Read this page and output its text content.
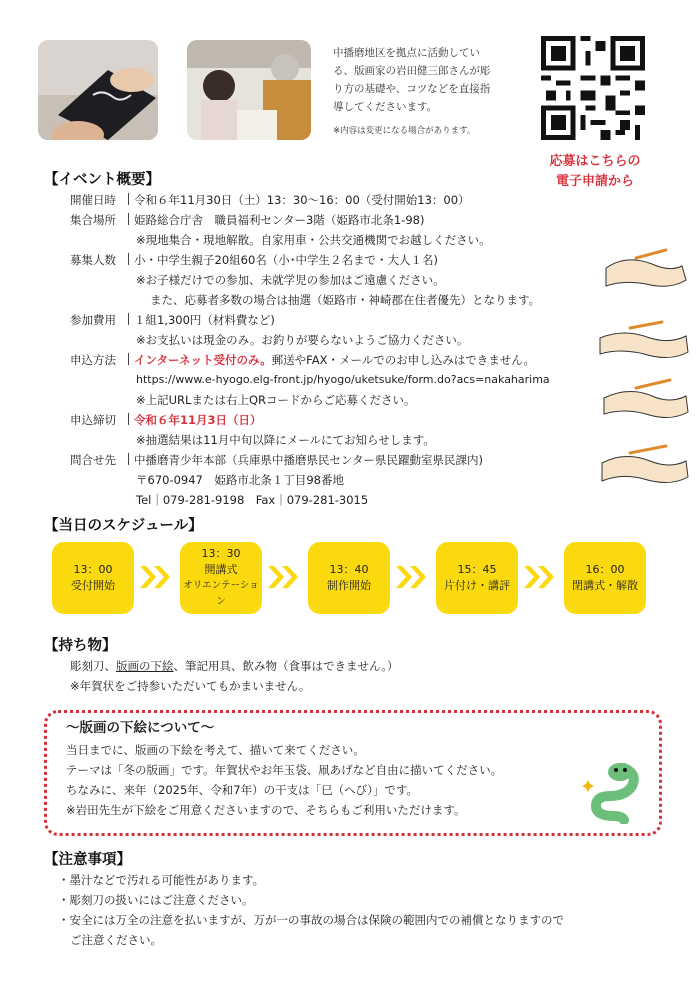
中播磨地区を拠点に活動してい
る、版画家の岩田健三郎さんが彫
り方の基礎や、コツなどを直接指
導してくださいます。
※内容は変更になる場合があります。
応募はこちらの
電子申請から
【イベント概要】
開催日時 令和６年11月30日（土）13：30～16：00（受付開始13：00）
集合場所 姫路総合庁舎　職員福利センター3階（姫路市北条1-98)
※現地集合・現地解散。自家用車・公共交通機関でお越しください。
募集人数 小・中学生親子20組60名（小･中学生２名まで・大人１名)
※お子様だけでの参加、未就学児の参加はご遠慮ください。
また、応募者多数の場合は抽選（姫路市・神崎郡在住者優先）となります。
参加費用 １組1,300円（材料費など)
※お支払いは現金のみ。お釣りが要らないようご協力ください。
申込方法 インターネット受付のみ。郵送やFAX・メールでのお申し込みはできません。
https://www.e-hyogo.elg-front.jp/hyogo/uketsuke/form.do?acs=nakaharima
※上記URLまたは右上QRコードからご応募ください。
申込締切 令和６年11月3日（日）
※抽選結果は11月中旬以降にメールにてお知らせします。
問合せ先 中播磨青少年本部（兵庫県中播磨県民センター県民躍動室県民課内)
〒670-0947　姫路市北条１丁目98番地
Tel｜079-281-9198　Fax｜079-281-3015
【当日のスケジュール】
13：00
受付開始
13：30
開講式
オリエンテーション
13：40
制作開始
15：45
片付け・講評
16：00
閉講式・解散
【持ち物】
彫刻刀、版画の下絵、筆記用具、飲み物（食事はできません。）
※年賀状をご持参いただいてもかまいません。
〜版画の下絵について〜
当日までに、版画の下絵を考えて、描いて来てください。
テーマは「冬の版画」です。年賀状やお年玉袋、凧あげなど自由に描いてください。
ちなみに、来年（2025年、令和7年）の干支は「巳（へび）」です。
※岩田先生が下絵をご用意くださいますので、そちらもご利用いただけます。
【注意事項】
・墨汁などで汚れる可能性があります。
・彫刻刀の扱いにはご注意ください。
・安全には万全の注意を払いますが、万が一の事故の場合は保険の範囲内での補償となりますので
ご注意ください。
